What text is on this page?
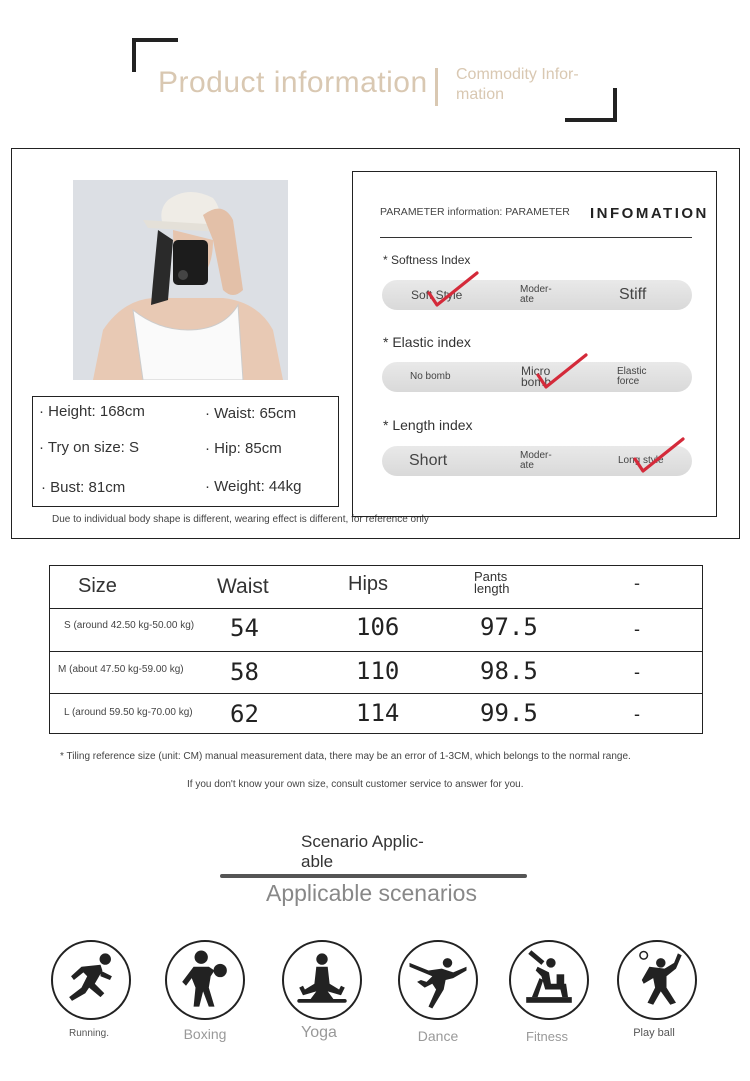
Product information Commodity Infor- mation
· Height: 168cm	· Waist: 65cm
· Try on size: S	· Hip: 85cm
· Bust: 81cm	· Weight: 44kg
Due to individual body shape is different, wearing effect is different, for reference only
PARAMETER information: PARAMETER INFOMATION
* Softness Index
Soft Style	Moder-ate	Stiff
* Elastic index
No bomb	Micro bomb
Elastic force
* Length index
Short	Moder-ate	Long style
Size	Waist	Hips	Pants length	-
S (around 42.50 kg-50.00 kg) 54	106	97.5	-
M (about 47.50 kg-59.00 kg) 58	110	98.5	-
L (around 59.50 kg-70.00 kg) 62	114	99.5	-
* Tiling reference size (unit: CM) manual measurement data, there may be an error of 1-3CM, which belongs to the normal range.
If you don't know your own size, consult customer service to answer for you.
Scenario Applic- able
Applicable scenarios
Running.	Boxing	Yoga	Dance	Fitness	Play ball
